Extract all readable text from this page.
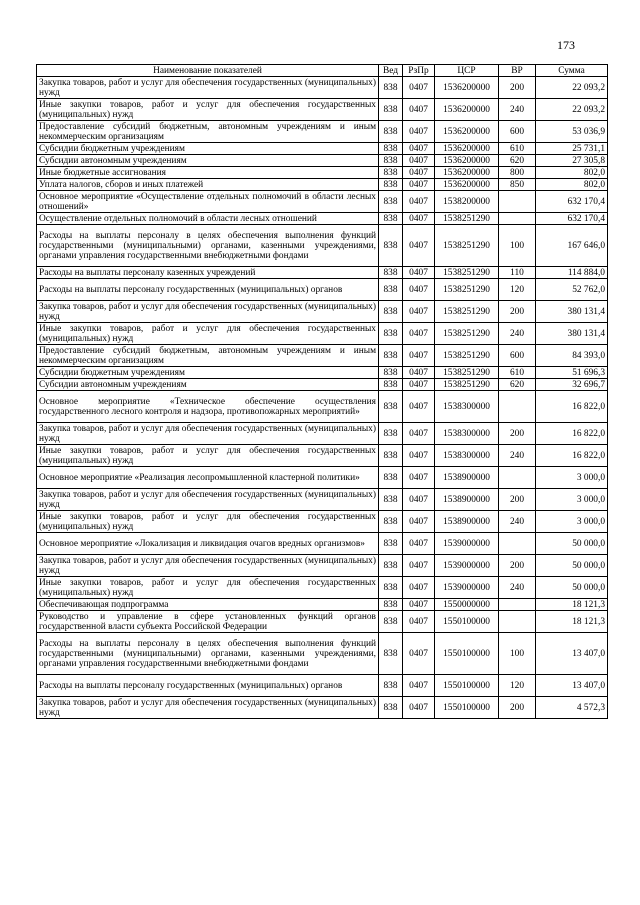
173
Наименование показателей	Вед	РзПр	ЦСР	ВР	Сумма
Закупка товаров, работ и услуг для обеспечения государственных (муниципальных) нужд	838	0407	1536200000	200	22 093,2
Иные закупки товаров, работ и услуг для обеспечения государственных (муниципальных) нужд	838	0407	1536200000	240	22 093,2
Предоставление субсидий бюджетным, автономным учреждениям и иным некоммерческим организациям	838	0407	1536200000	600	53 036,9
Субсидии бюджетным учреждениям	838	0407	1536200000	610	25 731,1
Субсидии автономным учреждениям	838	0407	1536200000	620	27 305,8
Иные бюджетные ассигнования	838	0407	1536200000	800	802,0
Уплата налогов, сборов и иных платежей	838	0407	1536200000	850	802,0
Основное мероприятие «Осуществление отдельных полномочий в области лесных отношений»	838	0407	1538200000		632 170,4
Осуществление отдельных полномочий в области лесных отношений	838	0407	1538251290		632 170,4
Расходы на выплаты персоналу в целях обеспечения выполнения функций государственными (муниципальными) органами, казенными учреждениями, органами управления государственными внебюджетными фондами	838	0407	1538251290	100	167 646,0
Расходы на выплаты персоналу казенных учреждений	838	0407	1538251290	110	114 884,0
Расходы на выплаты персоналу государственных (муниципальных) органов	838	0407	1538251290	120	52 762,0
Закупка товаров, работ и услуг для обеспечения государственных (муниципальных) нужд	838	0407	1538251290	200	380 131,4
Иные закупки товаров, работ и услуг для обеспечения государственных (муниципальных) нужд	838	0407	1538251290	240	380 131,4
Предоставление субсидий бюджетным, автономным учреждениям и иным некоммерческим организациям	838	0407	1538251290	600	84 393,0
Субсидии бюджетным учреждениям	838	0407	1538251290	610	51 696,3
Субсидии автономным учреждениям	838	0407	1538251290	620	32 696,7
Основное мероприятие «Техническое обеспечение осуществления государственного лесного контроля и надзора, противопожарных мероприятий»	838	0407	1538300000		16 822,0
Закупка товаров, работ и услуг для обеспечения государственных (муниципальных) нужд	838	0407	1538300000	200	16 822,0
Иные закупки товаров, работ и услуг для обеспечения государственных (муниципальных) нужд	838	0407	1538300000	240	16 822,0
Основное мероприятие «Реализация лесопромышленной кластерной политики»	838	0407	1538900000		3 000,0
Закупка товаров, работ и услуг для обеспечения государственных (муниципальных) нужд	838	0407	1538900000	200	3 000,0
Иные закупки товаров, работ и услуг для обеспечения государственных (муниципальных) нужд	838	0407	1538900000	240	3 000,0
Основное мероприятие «Локализация и ликвидация очагов вредных организмов»	838	0407	1539000000		50 000,0
Закупка товаров, работ и услуг для обеспечения государственных (муниципальных) нужд	838	0407	1539000000	200	50 000,0
Иные закупки товаров, работ и услуг для обеспечения государственных (муниципальных) нужд	838	0407	1539000000	240	50 000,0
Обеспечивающая подпрограмма	838	0407	1550000000		18 121,3
Руководство и управление в сфере установленных функций органов государственной власти субъекта Российской Федерации	838	0407	1550100000		18 121,3
Расходы на выплаты персоналу в целях обеспечения выполнения функций государственными (муниципальными) органами, казенными учреждениями, органами управления государственными внебюджетными фондами	838	0407	1550100000	100	13 407,0
Расходы на выплаты персоналу государственных (муниципальных) органов	838	0407	1550100000	120	13 407,0
Закупка товаров, работ и услуг для обеспечения государственных (муниципальных) нужд	838	0407	1550100000	200	4 572,3
